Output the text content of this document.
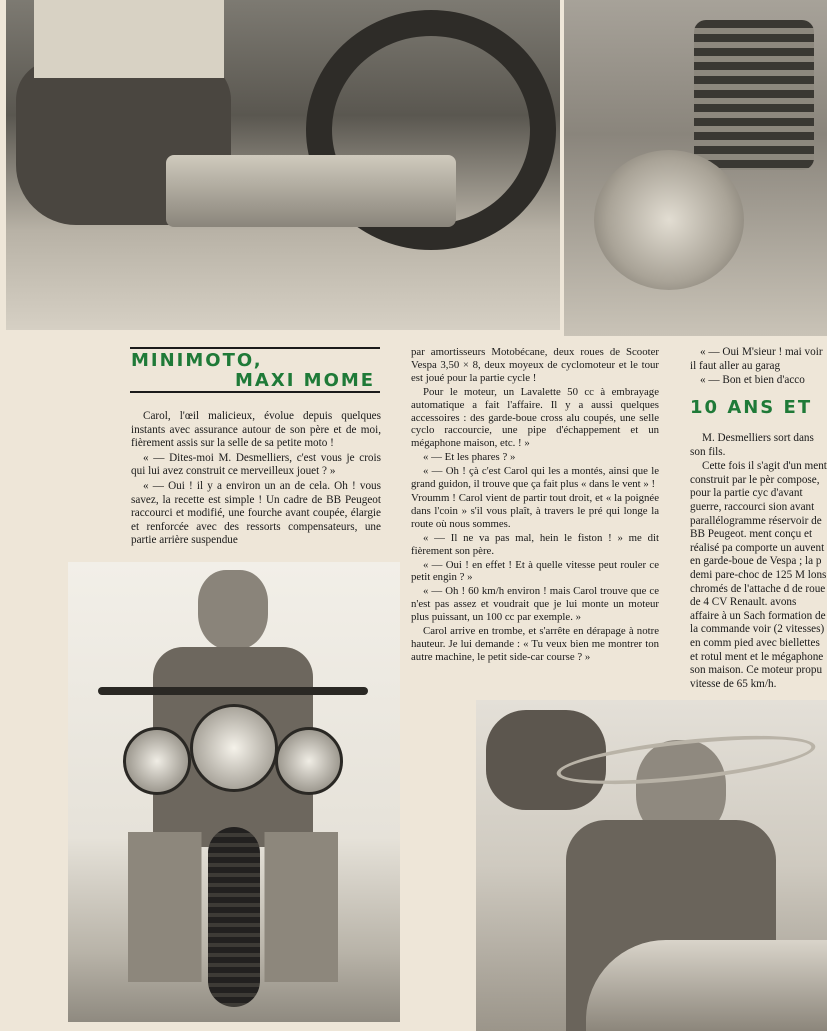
MINIMOTO,
MAXI MOME

Carol, l'œil malicieux, évolue depuis quelques instants avec assurance autour de son père et de moi, fièrement assis sur la selle de sa petite moto !

« — Dites-moi M. Desmelliers, c'est vous je crois qui lui avez construit ce merveilleux jouet ? »

« — Oui ! il y a environ un an de cela. Oh ! vous savez, la recette est simple ! Un cadre de BB Peugeot raccourci et modifié, une fourche avant coupée, élargie et renforcée avec des ressorts compensateurs, une partie arrière suspendue

par amortisseurs Motobécane, deux roues de Scooter Vespa 3,50 × 8, deux moyeux de cyclomoteur et le tour est joué pour la partie cycle !

Pour le moteur, un Lavalette 50 cc à embrayage automatique a fait l'affaire. Il y a aussi quelques accessoires : des garde-boue cross alu coupés, une selle cyclo raccourcie, une pipe d'échappement et un mégaphone maison, etc. ! »

« — Et les phares ? »

« — Oh ! çà c'est Carol qui les a montés, ainsi que le grand guidon, il trouve que ça fait plus « dans le vent » !

Vroumm ! Carol vient de partir tout droit, et « la poignée dans l'coin » s'il vous plaît, à travers le pré qui longe la route où nous sommes.

« — Il ne va pas mal, hein le fiston ! » me dit fièrement son père.

« — Oui ! en effet ! Et à quelle vitesse peut rouler ce petit engin ? »

« — Oh ! 60 km/h environ ! mais Carol trouve que ce n'est pas assez et voudrait que je lui monte un moteur plus puissant, un 100 cc par exemple. »

Carol arrive en trombe, et s'arrête en dérapage à notre hauteur. Je lui demande : « Tu veux bien me montrer ton autre machine, le petit side-car course ? »

« — Oui M'sieur ! mai voir il faut aller au garag

« — Bon et bien d'acco

10 ANS ET

M. Desmelliers sort dans son fils.

Cette fois il s'agit d'un ment construit par le pèr compose, pour la partie cyc d'avant guerre, raccourci sion avant parallélogramme réservoir de BB Peugeot. ment conçu et réalisé pa comporte un auvent en garde-boue de Vespa ; la p demi pare-choc de 125 M lons chromés de l'attache d de roue de 4 CV Renault. avons affaire à un Sach formation de la commande voir (2 vitesses) en comm pied avec biellettes et rotul ment et le mégaphone son maison. Ce moteur propu vitesse de 65 km/h.
